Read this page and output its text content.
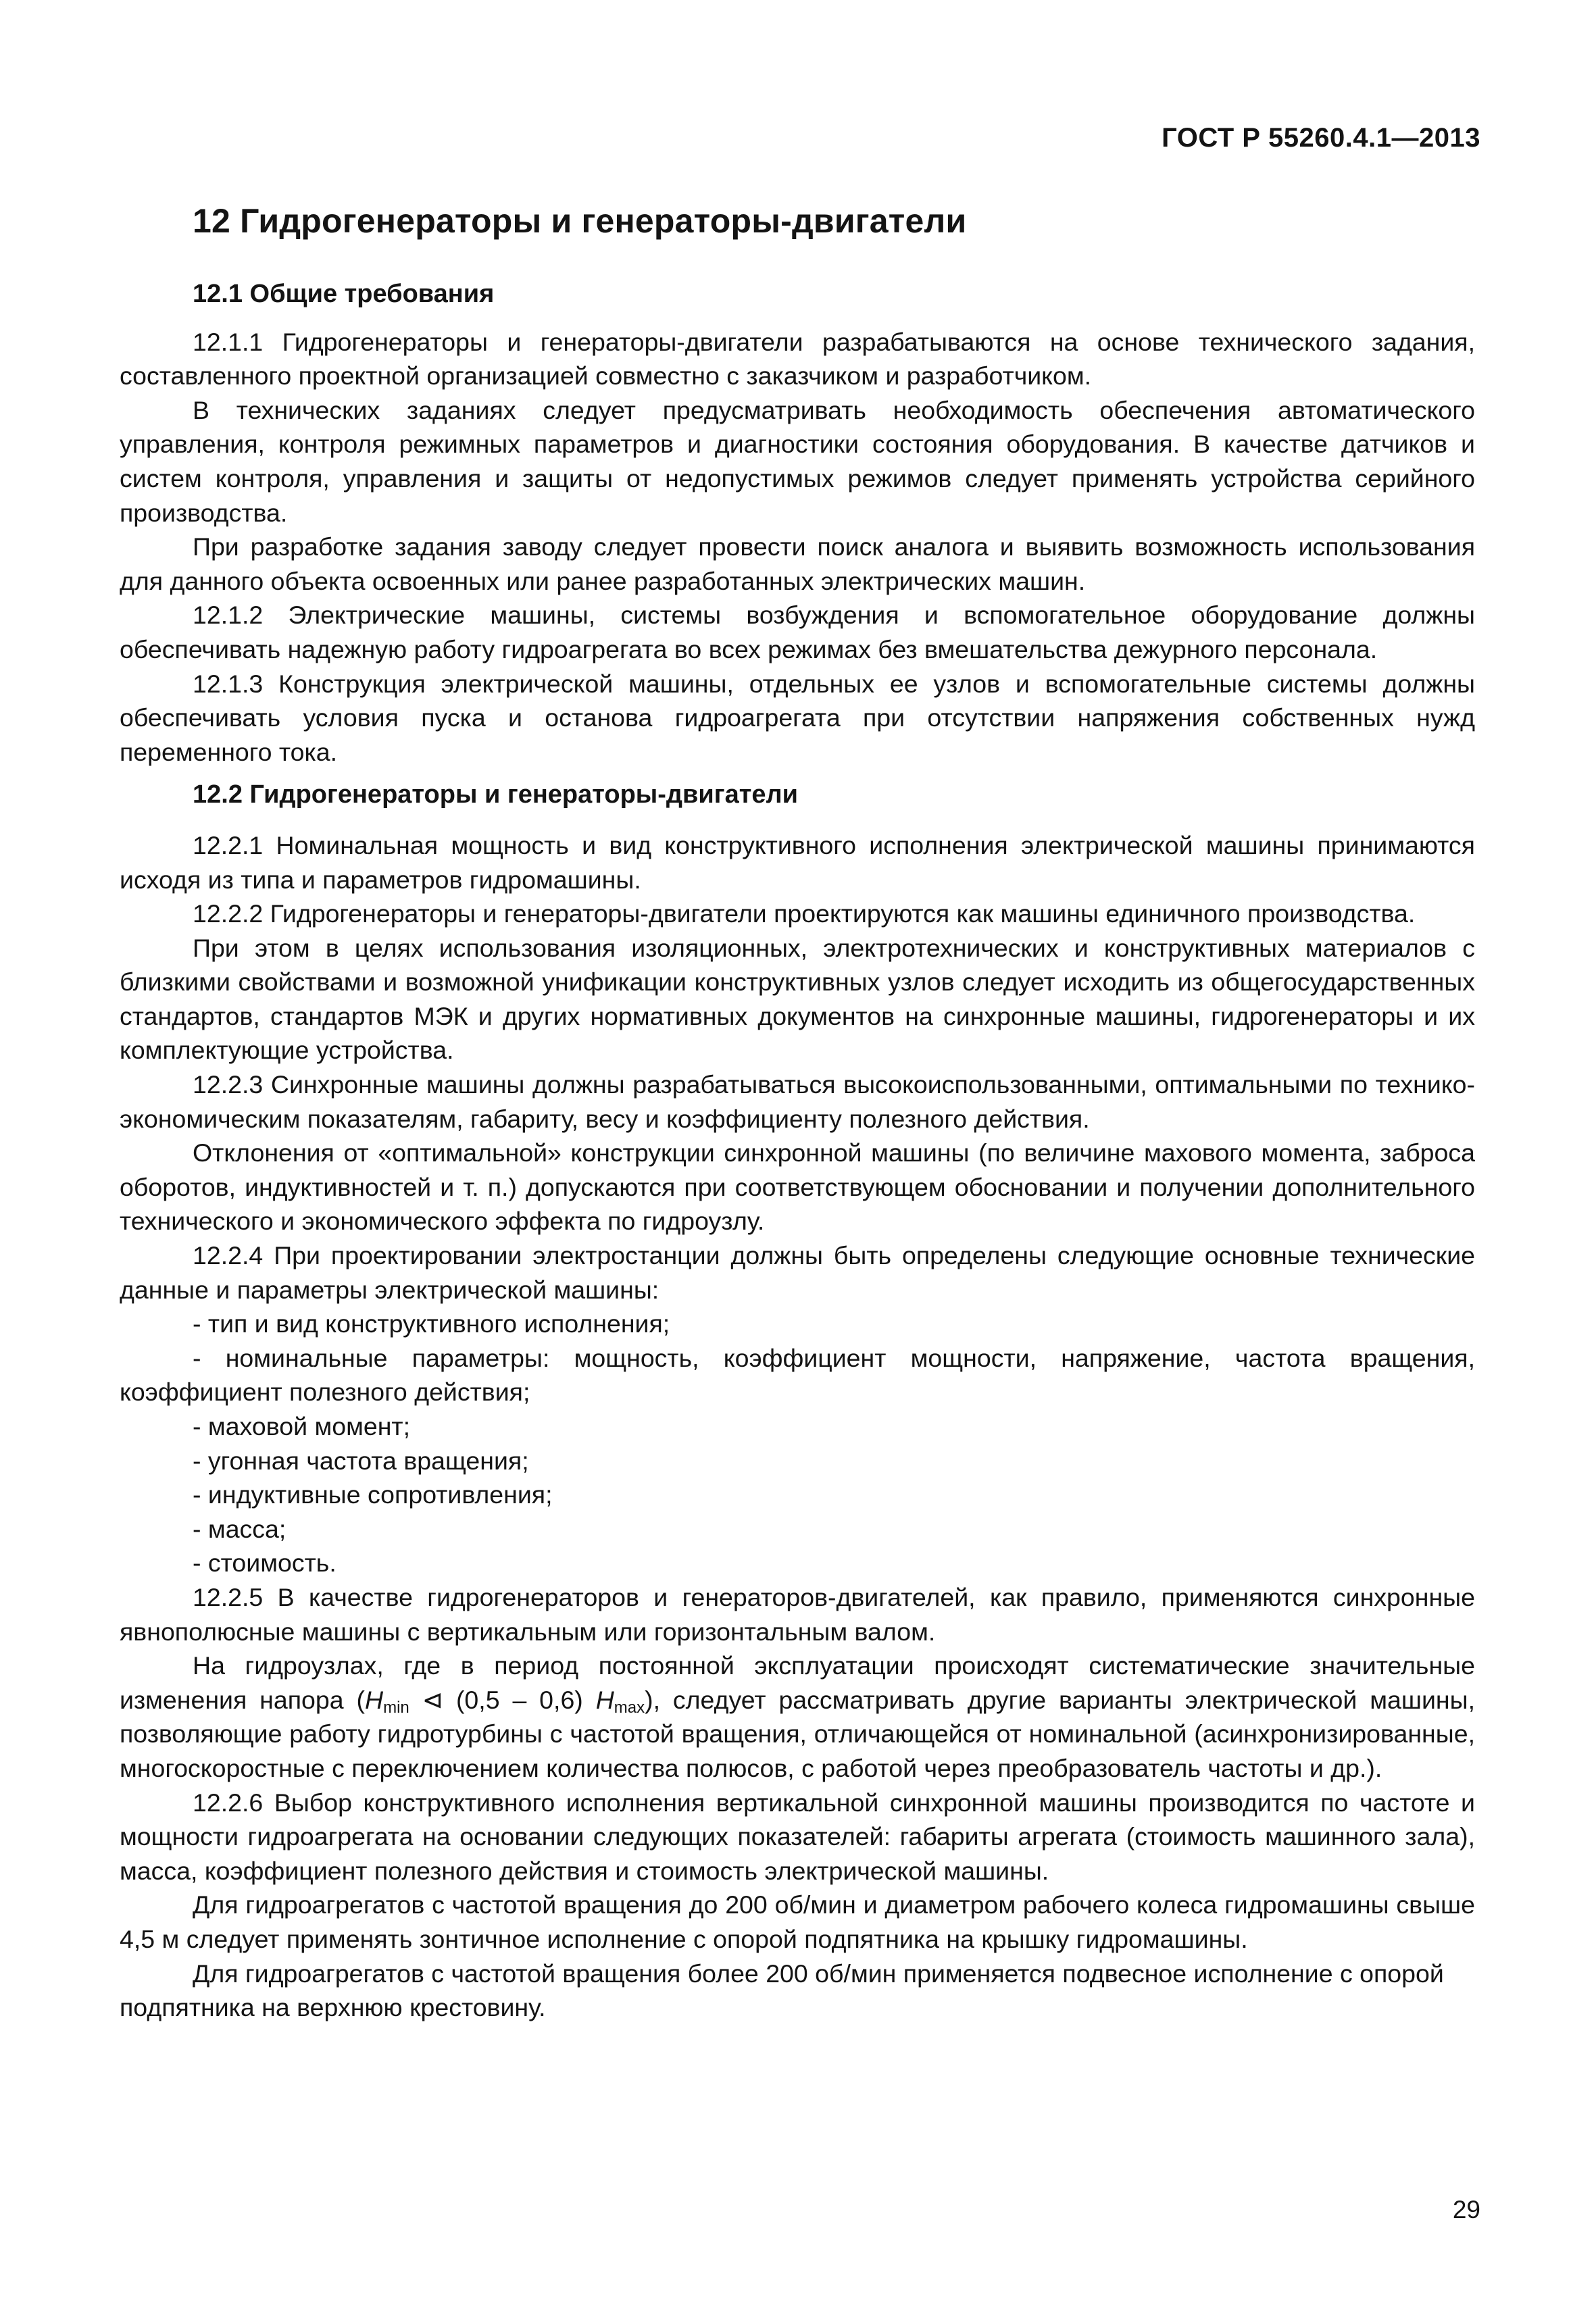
ГОСТ Р 55260.4.1—2013
12 Гидрогенераторы и генераторы-двигатели
12.1 Общие требования

12.1.1 Гидрогенераторы и генераторы-двигатели разрабатываются на основе технического задания, составленного проектной организацией совместно с заказчиком и разработчиком.

В технических заданиях следует предусматривать необходимость обеспечения автоматического управления, контроля режимных параметров и диагностики состояния оборудования. В качестве датчиков и систем контроля, управления и защиты от недопустимых режимов следует применять устройства серийного производства.

При разработке задания заводу следует провести поиск аналога и выявить возможность использования для данного объекта освоенных или ранее разработанных электрических машин.

12.1.2 Электрические машины, системы возбуждения и вспомогательное оборудование должны обеспечивать надежную работу гидроагрегата во всех режимах без вмешательства дежурного персонала.

12.1.3 Конструкция электрической машины, отдельных ее узлов и вспомогательные системы должны обеспечивать условия пуска и останова гидроагрегата при отсутствии напряжения собственных нужд переменного тока.

12.2 Гидрогенераторы и генераторы-двигатели

12.2.1 Номинальная мощность и вид конструктивного исполнения электрической машины принимаются исходя из типа и параметров гидромашины.

12.2.2 Гидрогенераторы и генераторы-двигатели проектируются как машины единичного производства.

При этом в целях использования изоляционных, электротехнических и конструктивных материалов с близкими свойствами и возможной унификации конструктивных узлов следует исходить из общегосударственных стандартов, стандартов МЭК и других нормативных документов на синхронные машины, гидрогенераторы и их комплектующие устройства.

12.2.3 Синхронные машины должны разрабатываться высокоиспользованными, оптимальными по технико-экономическим показателям, габариту, весу и коэффициенту полезного действия.

Отклонения от «оптимальной» конструкции синхронной машины (по величине махового момента, заброса оборотов, индуктивностей и т. п.) допускаются при соответствующем обосновании и получении дополнительного технического и экономического эффекта по гидроузлу.

12.2.4 При проектировании электростанции должны быть определены следующие основные технические данные и параметры электрической машины:

- тип и вид конструктивного исполнения;

- номинальные параметры: мощность, коэффициент мощности, напряжение, частота вращения, коэффициент полезного действия;

- маховой момент;

- угонная частота вращения;

- индуктивные сопротивления;

- масса;

- стоимость.

12.2.5 В качестве гидрогенераторов и генераторов-двигателей, как правило, применяются синхронные явнополюсные машины с вертикальным или горизонтальным валом.

На гидроузлах, где в период постоянной эксплуатации происходят систематические значительные изменения напора ($H_{min}$ ⊲ (0,5 – 0,6) $H_{max}$), следует рассматривать другие варианты электрической машины, позволяющие работу гидротурбины с частотой вращения, отличающейся от номинальной (асинхронизированные, многоскоростные с переключением количества полюсов, с работой через преобразователь частоты и др.).

12.2.6 Выбор конструктивного исполнения вертикальной синхронной машины производится по частоте и мощности гидроагрегата на основании следующих показателей: габариты агрегата (стоимость машинного зала), масса, коэффициент полезного действия и стоимость электрической машины.

Для гидроагрегатов с частотой вращения до 200 об/мин и диаметром рабочего колеса гидромашины свыше 4,5 м следует применять зонтичное исполнение с опорой подпятника на крышку гидромашины.

Для гидроагрегатов с частотой вращения более 200 об/мин применяется подвесное исполнение с опорой подпятника на верхнюю крестовину.

29
